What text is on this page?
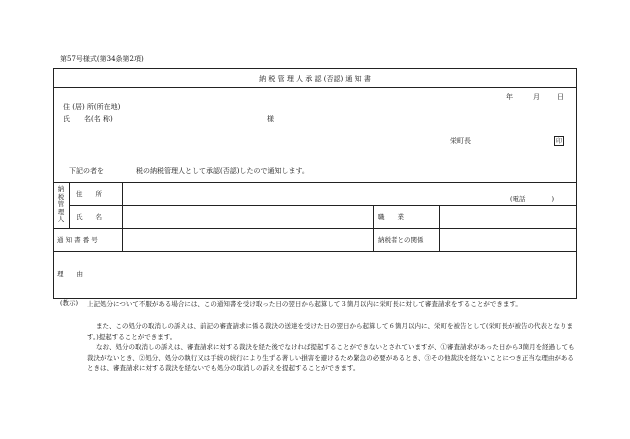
第57号様式(第34条第2項)
納 税 管 理 人 承 認 (否認) 通 知 書
年	月 日
住 (居) 所(所在地)
氏　　名(名 称)	様
栄町長	印
下記の者を	税の納税管理人として承認(否認)したので通知します。
納税管理人
住　　所
(電話　　　　)
氏　　名	職　　業
通 知 書 番 号	納税者との関係
理　　由
(教示) 上記処分について不服がある場合には、この通知書を受け取った日の翌日から起算して３箇月以内に栄町長に対して審査請求をすることができます。
また、この処分の取消しの訴えは、前記の審査請求に係る裁決の送達を受けた日の翌日から起算して６箇月以内に、栄町を被告として(栄町長が被告の代表となります。)提起することができます。
なお、処分の取消しの訴えは、審査請求に対する裁決を経た後でなければ提起することができないとされていますが、①審査請求があった日から3箇月を経過しても裁決がないとき、②処分、処分の執行又は手続の続行により生ずる著しい損害を避けるため緊急の必要があるとき、③その他裁決を経ないことにつき正当な理由があるときは、審査請求に対する裁決を経ないでも処分の取消しの訴えを提起することができます。
